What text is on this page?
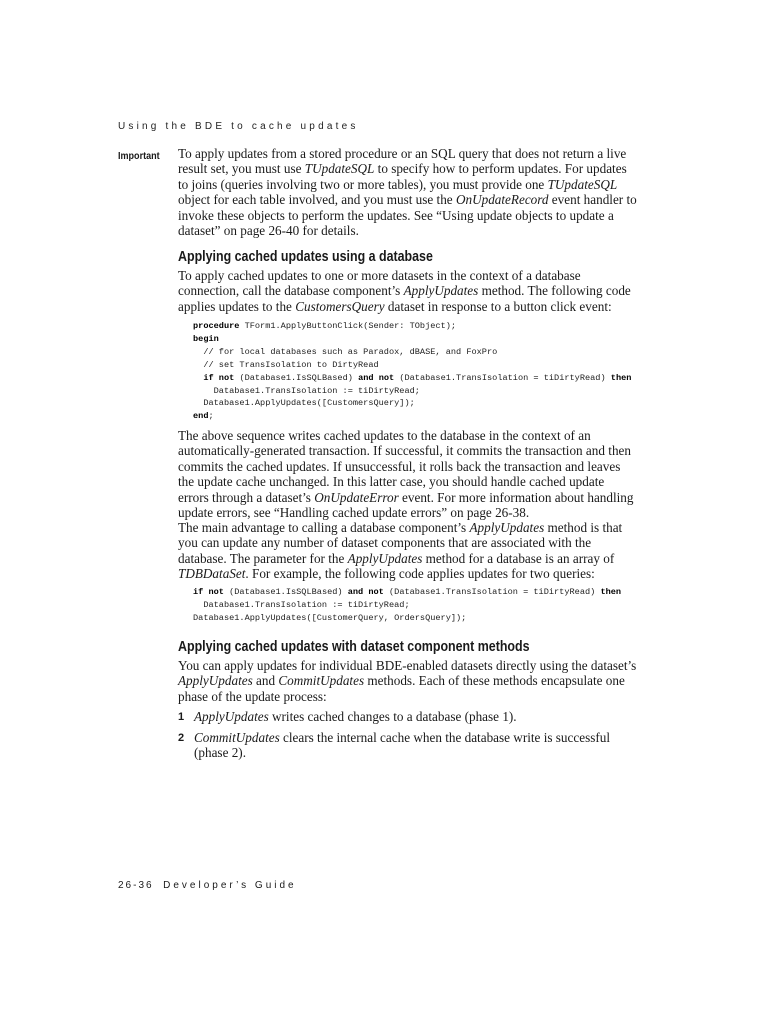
Using the BDE to cache updates
Important To apply updates from a stored procedure or an SQL query that does not return a live result set, you must use TUpdateSQL to specify how to perform updates. For updates to joins (queries involving two or more tables), you must provide one TUpdateSQL object for each table involved, and you must use the OnUpdateRecord event handler to invoke these objects to perform the updates. See “Using update objects to update a dataset” on page 26-40 for details.

Applying cached updates using a database

To apply cached updates to one or more datasets in the context of a database connection, call the database component’s ApplyUpdates method. The following code applies updates to the CustomersQuery dataset in response to a button click event:

procedure TForm1.ApplyButtonClick(Sender: TObject);
begin
// for local databases such as Paradox, dBASE, and FoxPro
// set TransIsolation to DirtyRead
if not (Database1.IsSQLBased) and not (Database1.TransIsolation = tiDirtyRead) then
Database1.TransIsolation := tiDirtyRead;
Database1.ApplyUpdates([CustomersQuery]);
end;

The above sequence writes cached updates to the database in the context of an automatically-generated transaction. If successful, it commits the transaction and then commits the cached updates. If unsuccessful, it rolls back the transaction and leaves the update cache unchanged. In this latter case, you should handle cached update errors through a dataset’s OnUpdateError event. For more information about handling update errors, see “Handling cached update errors” on page 26-38.

The main advantage to calling a database component’s ApplyUpdates method is that you can update any number of dataset components that are associated with the database. The parameter for the ApplyUpdates method for a database is an array of TDBDataSet. For example, the following code applies updates for two queries:

if not (Database1.IsSQLBased) and not (Database1.TransIsolation = tiDirtyRead) then
Database1.TransIsolation := tiDirtyRead;
Database1.ApplyUpdates([CustomerQuery, OrdersQuery]);
Applying cached updates with dataset component methods

You can apply updates for individual BDE-enabled datasets directly using the dataset’s ApplyUpdates and CommitUpdates methods. Each of these methods encapsulate one phase of the update process:

1 ApplyUpdates writes cached changes to a database (phase 1).
2 CommitUpdates clears the internal cache when the database write is successful (phase 2).
26-36 Developer’s Guide
